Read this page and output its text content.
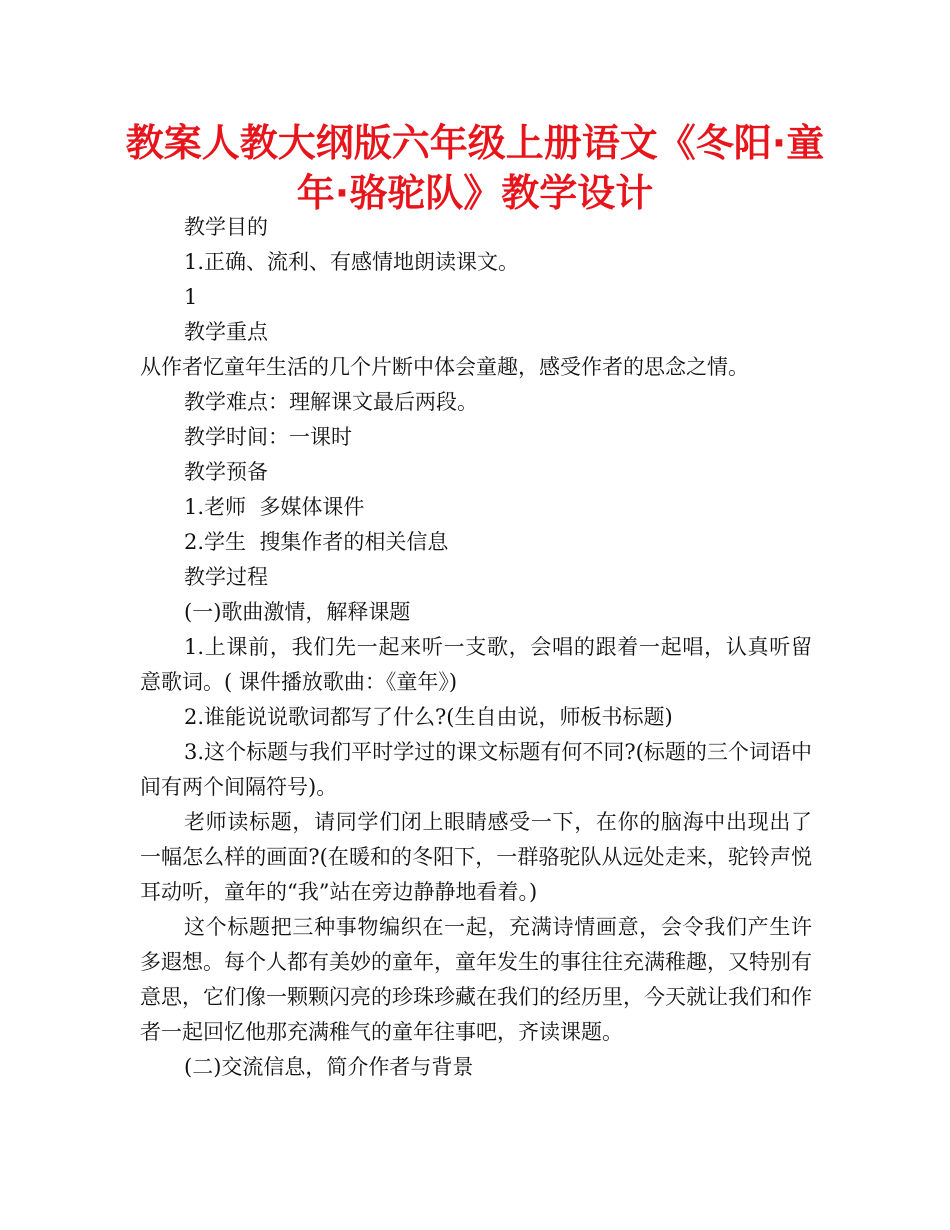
教案人教大纲版六年级上册语文《冬阳·童
年·骆驼队》教学设计

教学目的

1.正确、流利、有感情地朗读课文。

1

教学重点

从作者忆童年生活的几个片断中体会童趣，感受作者的思念之情。

教学难点：理解课文最后两段。

教学时间：一课时

教学预备

1.老师  多媒体课件

2.学生  搜集作者的相关信息

教学过程

(一)歌曲激情，解释课题

1.上课前，我们先一起来听一支歌，会唱的跟着一起唱，认真听留意歌词。( 课件播放歌曲：《童年》)

2.谁能说说歌词都写了什么?(生自由说，师板书标题)

3.这个标题与我们平时学过的课文标题有何不同?(标题的三个词语中间有两个间隔符号)。

老师读标题，请同学们闭上眼睛感受一下，在你的脑海中出现出了一幅怎么样的画面?(在暖和的冬阳下，一群骆驼队从远处走来，驼铃声悦耳动听，童年的“我”站在旁边静静地看着。)

这个标题把三种事物编织在一起，充满诗情画意，会令我们产生许多遐想。每个人都有美妙的童年，童年发生的事往往充满稚趣，又特别有意思，它们像一颗颗闪亮的珍珠珍藏在我们的经历里，今天就让我们和作者一起回忆他那充满稚气的童年往事吧，齐读课题。

(二)交流信息，简介作者与背景
